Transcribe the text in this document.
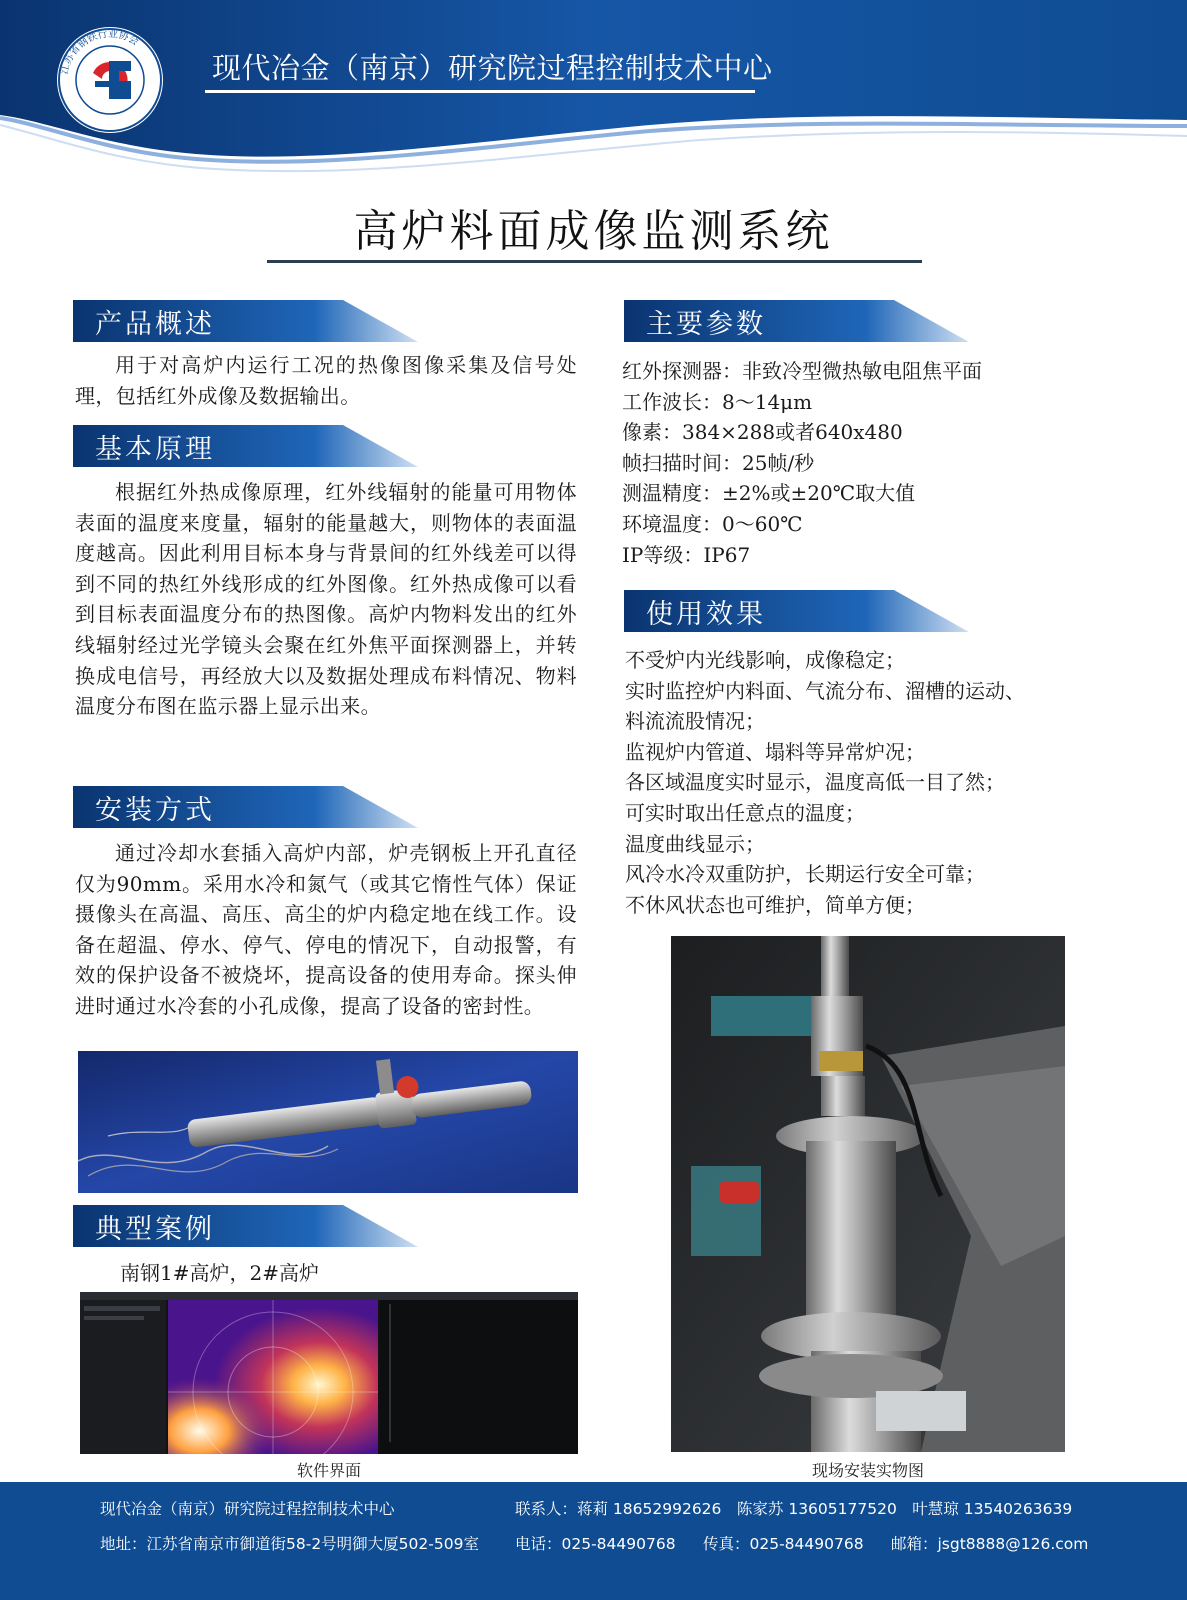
江苏省钢铁行业协会
现代冶金（南京）研究院过程控制技术中心
高炉料面成像监测系统
产品概述

用于对高炉内运行工况的热像图像采集及信号处理，包括红外成像及数据输出。

基本原理

根据红外热成像原理，红外线辐射的能量可用物体表面的温度来度量，辐射的能量越大，则物体的表面温度越高。因此利用目标本身与背景间的红外线差可以得到不同的热红外线形成的红外图像。红外热成像可以看到目标表面温度分布的热图像。高炉内物料发出的红外线辐射经过光学镜头会聚在红外焦平面探测器上，并转换成电信号，再经放大以及数据处理成布料情况、物料温度分布图在监示器上显示出来。

安装方式

通过冷却水套插入高炉内部，炉壳钢板上开孔直径仅为90mm。采用水冷和氮气（或其它惰性气体）保证摄像头在高温、高压、高尘的炉内稳定地在线工作。设备在超温、停水、停气、停电的情况下，自动报警，有效的保护设备不被烧坏，提高设备的使用寿命。探头伸进时通过水冷套的小孔成像，提高了设备的密封性。

典型案例
南钢1#高炉，2#高炉
软件界面
主要参数
红外探测器：非致冷型微热敏电阻焦平面
工作波长：8～14μm
像素：384×288或者640x480
帧扫描时间：25帧/秒
测温精度：±2%或±20℃取大值
环境温度：0～60℃
IP等级：IP67
使用效果
不受炉内光线影响，成像稳定；
实时监控炉内料面、气流分布、溜槽的运动、
料流流股情况；
监视炉内管道、塌料等异常炉况；
各区域温度实时显示，温度高低一目了然；
可实时取出任意点的温度；
温度曲线显示；
风冷水冷双重防护，长期运行安全可靠；
不休风状态也可维护，简单方便；
现场安装实物图
现代冶金（南京）研究院过程控制技术中心	联系人：蒋莉 18652992626　陈家苏 13605177520　叶慧琼 13540263639
地址：江苏省南京市御道街58-2号明御大厦502-509室 电话：025-84490768 传真：025-84490768 邮箱：jsgt8888@126.com
